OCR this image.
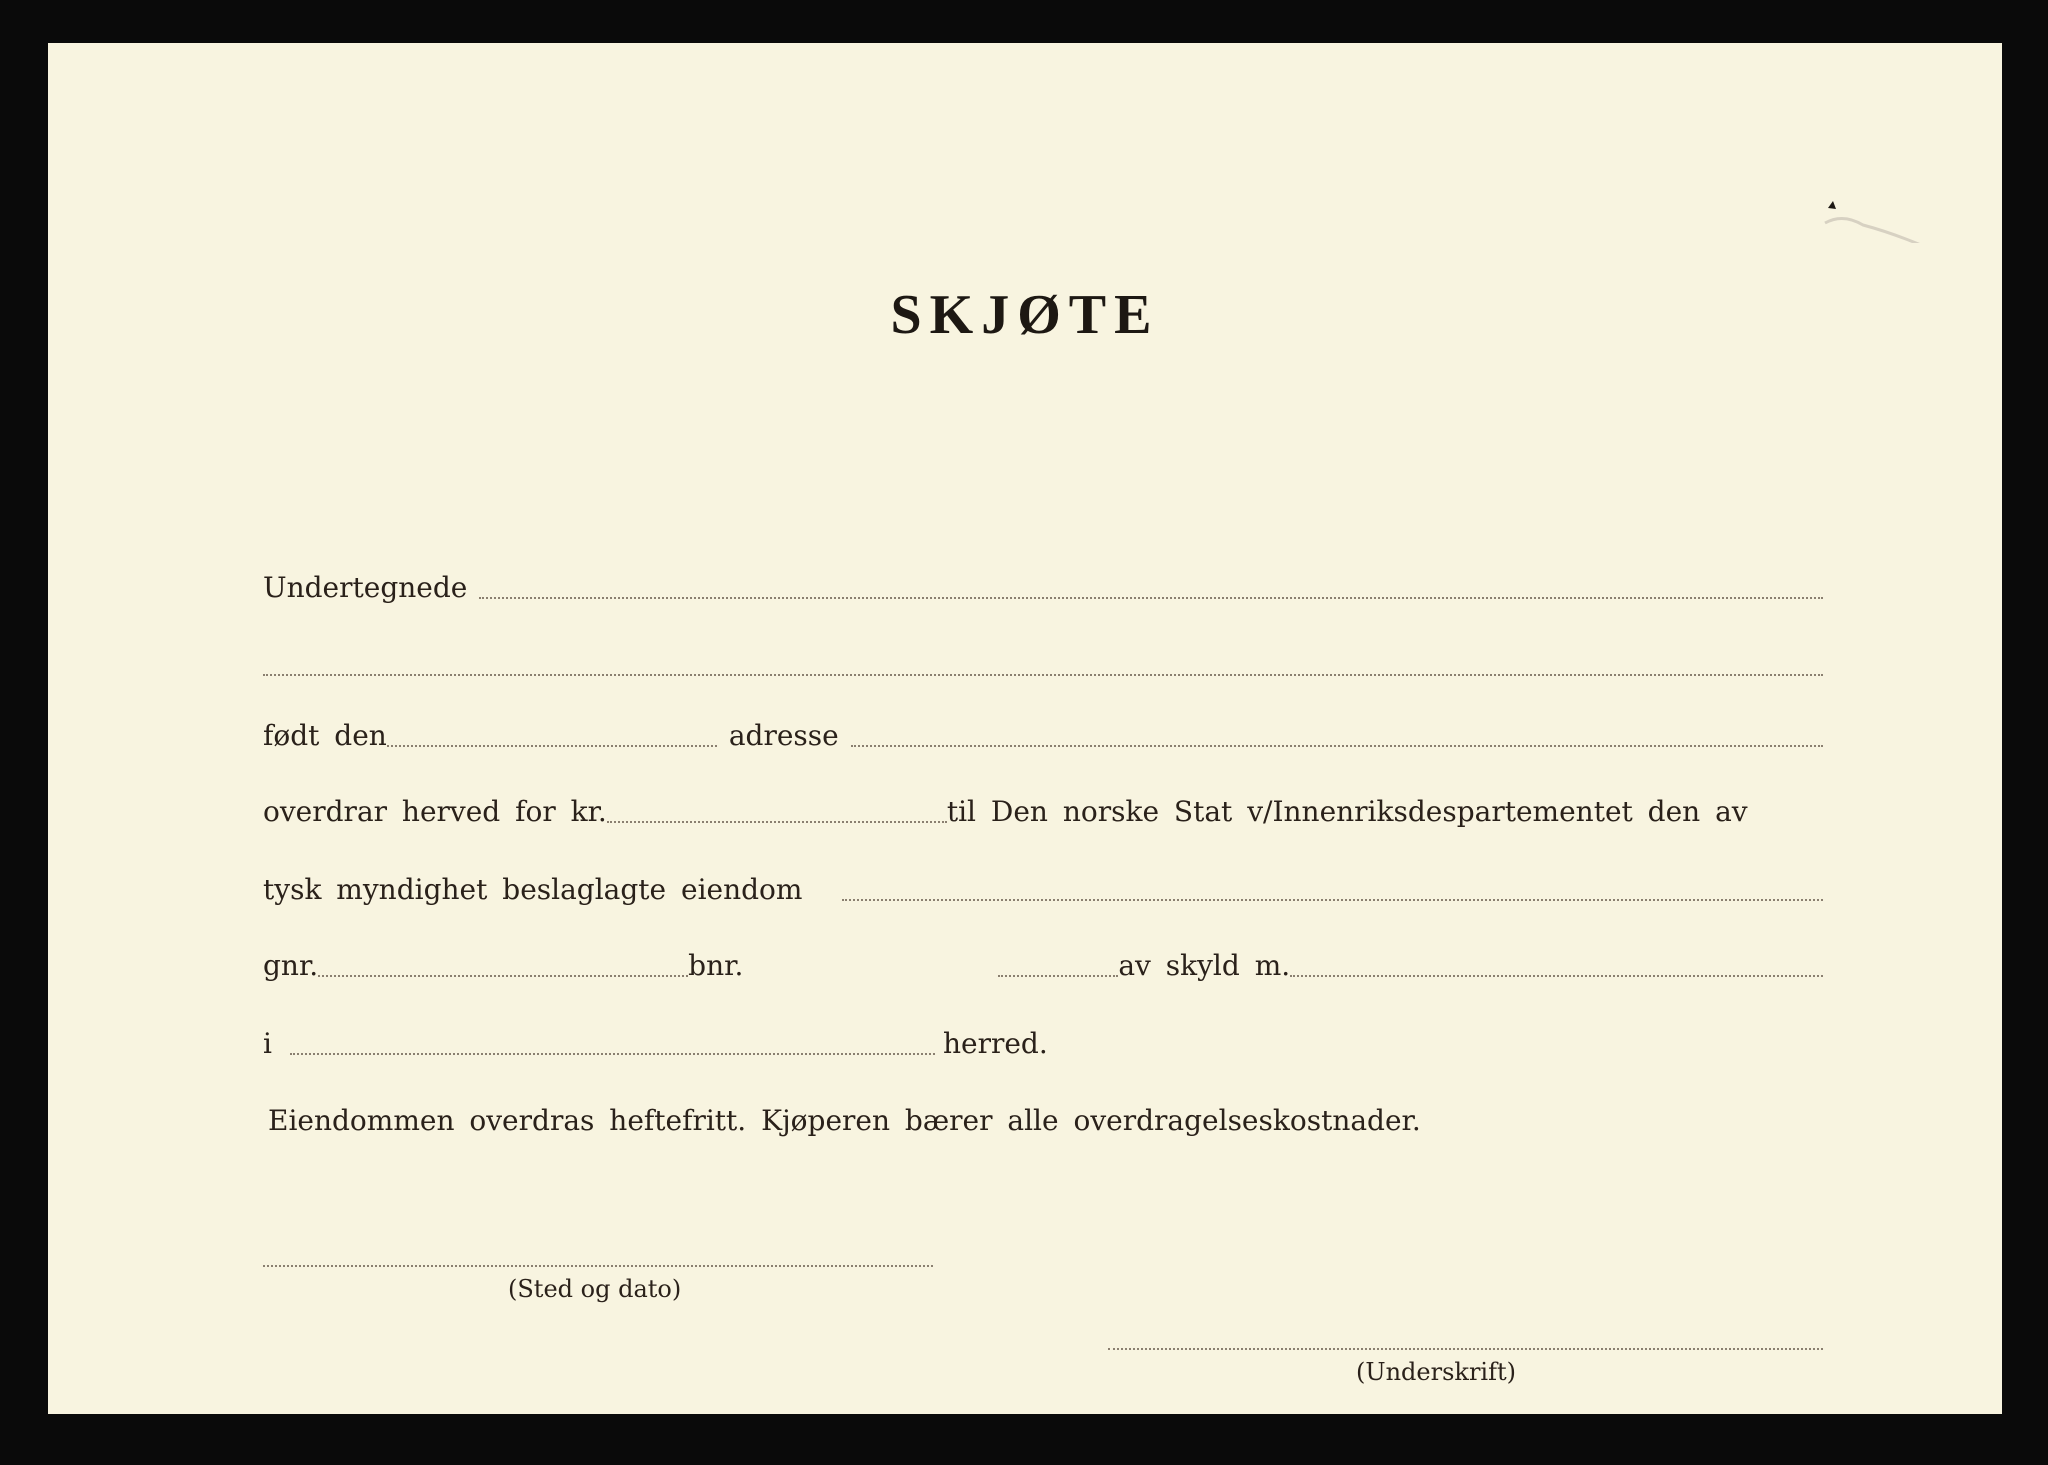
SKJØTE
Undertegnede
født den	adresse
overdrar herved for kr.	til Den norske Stat v/Innenriksdespartementet den av
tysk myndighet beslaglagte eiendom
gnr.	bnr.	av skyld m.
i	herred.
Eiendommen overdras heftefritt. Kjøperen bærer alle overdragelseskostnader.
(Sted og dato)
(Underskrift)
